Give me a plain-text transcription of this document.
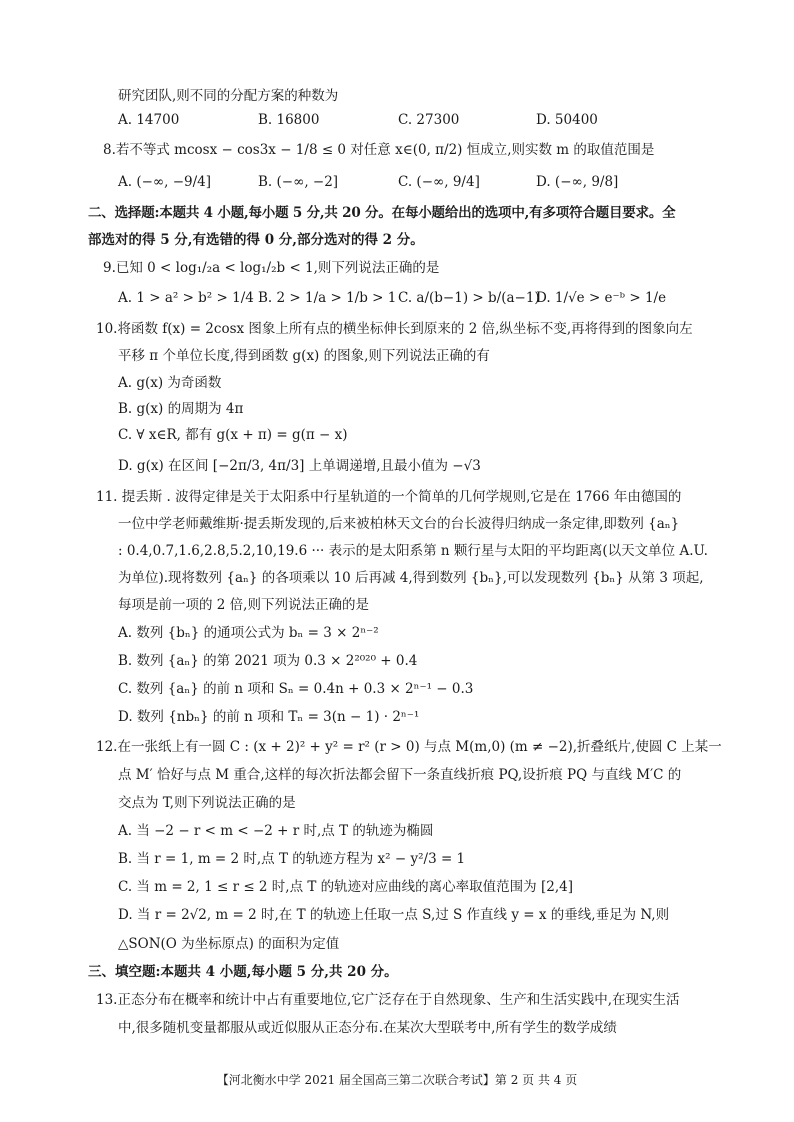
研究团队,则不同的分配方案的种数为
A. 14700	B. 16800	C. 27300	D. 50400
8.若不等式 mcosx − cos3x − 1/8 ≤ 0 对任意 x∈(0, π/2) 恒成立,则实数 m 的取值范围是
A. (−∞, −9/4]	B. (−∞, −2]	C. (−∞, 9/4]	D. (−∞, 9/8]
二、选择题:本题共 4 小题,每小题 5 分,共 20 分。在每小题给出的选项中,有多项符合题目要求。全
部选对的得 5 分,有选错的得 0 分,部分选对的得 2 分。
9.已知 0 < log₁/₂a < log₁/₂b < 1,则下列说法正确的是
A. 1 > a² > b² > 1/4 B. 2 > 1/a > 1/b > 1 C. a/(b−1) > b/(a−1)
D. 1/√e > e⁻ᵇ > 1/e
10.将函数 f(x) = 2cosx 图象上所有点的横坐标伸长到原来的 2 倍,纵坐标不变,再将得到的图象向左
平移 π 个单位长度,得到函数 g(x) 的图象,则下列说法正确的有
A. g(x) 为奇函数
B. g(x) 的周期为 4π
C. ∀ x∈R, 都有 g(x + π) = g(π − x)
D. g(x) 在区间 [−2π/3, 4π/3] 上单调递增,且最小值为 −√3
11. 提丢斯 . 波得定律是关于太阳系中行星轨道的一个简单的几何学规则,它是在 1766 年由德国的
一位中学老师戴维斯·提丢斯发现的,后来被柏林天文台的台长波得归纳成一条定律,即数列 {aₙ}
: 0.4,0.7,1.6,2.8,5.2,10,19.6 ··· 表示的是太阳系第 n 颗行星与太阳的平均距离(以天文单位 A.U.
为单位).现将数列 {aₙ} 的各项乘以 10 后再减 4,得到数列 {bₙ},可以发现数列 {bₙ} 从第 3 项起,
每项是前一项的 2 倍,则下列说法正确的是
A. 数列 {bₙ} 的通项公式为 bₙ = 3 × 2ⁿ⁻²
B. 数列 {aₙ} 的第 2021 项为 0.3 × 2²⁰²⁰ + 0.4
C. 数列 {aₙ} 的前 n 项和 Sₙ = 0.4n + 0.3 × 2ⁿ⁻¹ − 0.3
D. 数列 {nbₙ} 的前 n 项和 Tₙ = 3(n − 1) · 2ⁿ⁻¹
12.在一张纸上有一圆 C : (x + 2)² + y² = r² (r > 0) 与点 M(m,0) (m ≠ −2),折叠纸片,使圆 C 上某一
点 M′ 恰好与点 M 重合,这样的每次折法都会留下一条直线折痕 PQ,设折痕 PQ 与直线 M′C 的
交点为 T,则下列说法正确的是
A. 当 −2 − r < m < −2 + r 时,点 T 的轨迹为椭圆
B. 当 r = 1, m = 2 时,点 T 的轨迹方程为 x² − y²/3 = 1
C. 当 m = 2, 1 ≤ r ≤ 2 时,点 T 的轨迹对应曲线的离心率取值范围为 [2,4]
D. 当 r = 2√2, m = 2 时,在 T 的轨迹上任取一点 S,过 S 作直线 y = x 的垂线,垂足为 N,则
△SON(O 为坐标原点) 的面积为定值
三、填空题:本题共 4 小题,每小题 5 分,共 20 分。
13.正态分布在概率和统计中占有重要地位,它广泛存在于自然现象、生产和生活实践中,在现实生活
中,很多随机变量都服从或近似服从正态分布.在某次大型联考中,所有学生的数学成绩
【河北衡水中学 2021 届全国高三第二次联合考试】第 2 页 共 4 页
